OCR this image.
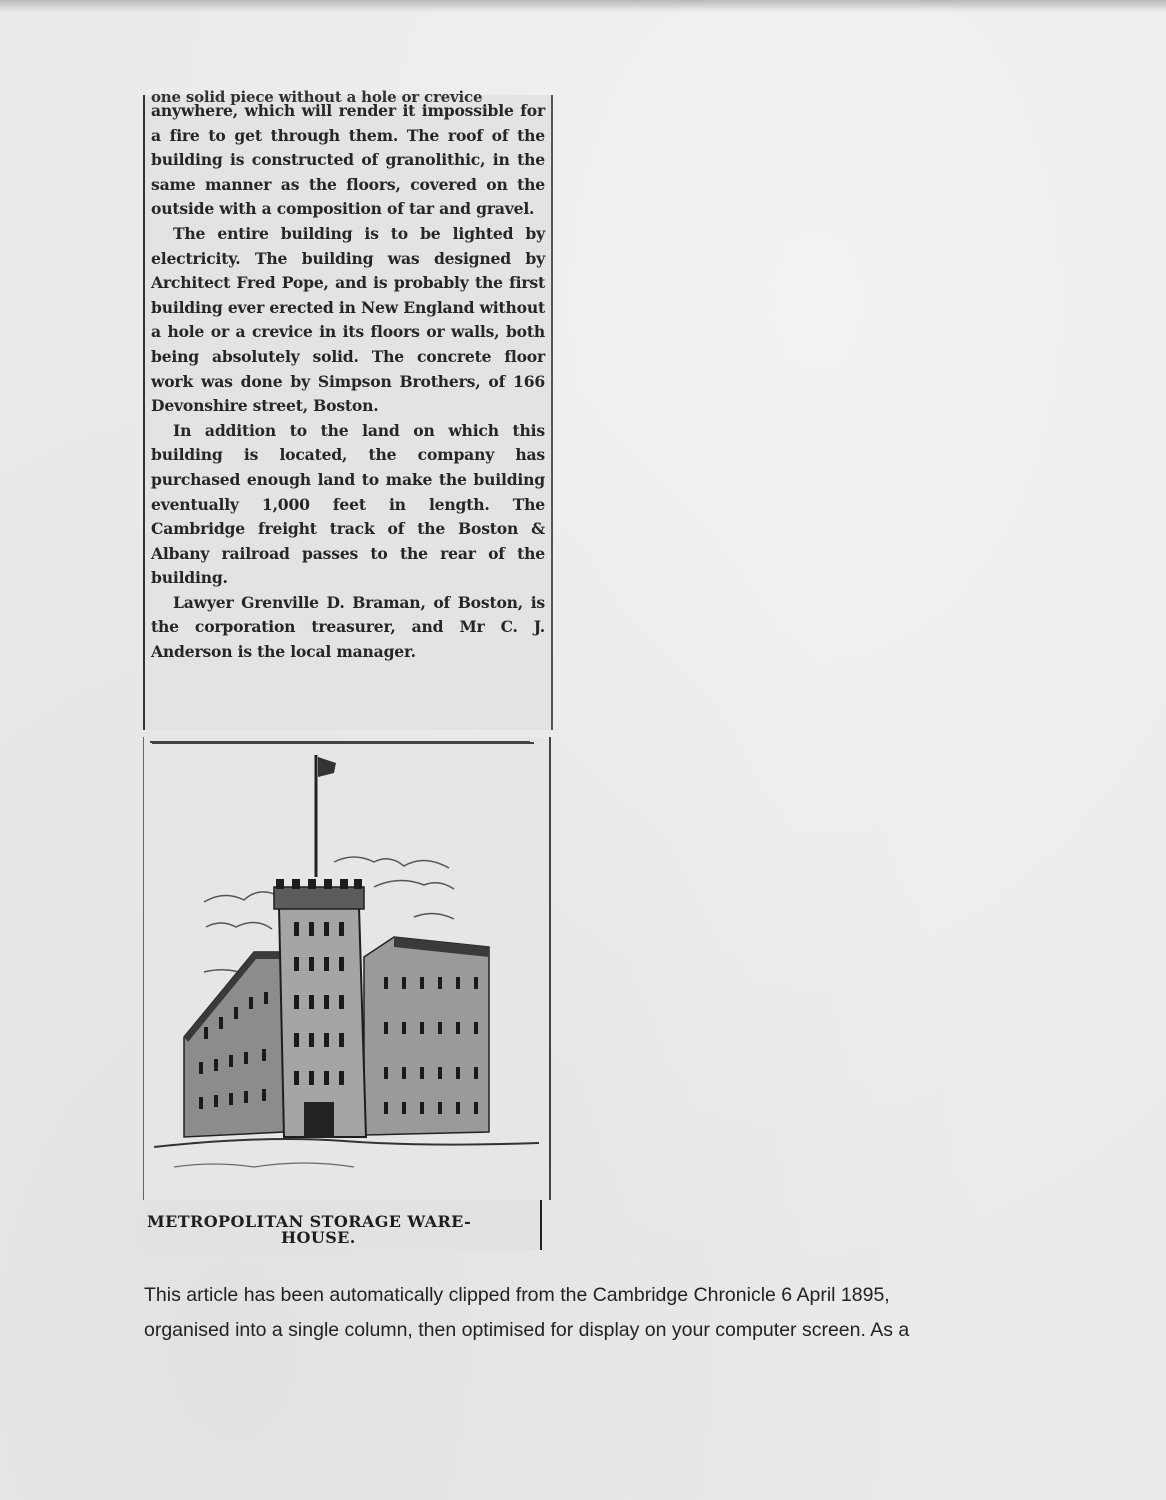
one solid piece without a hole or crevice

anywhere, which will render it impossible for a fire to get through them. The roof of the building is constructed of granolithic, in the same manner as the floors, covered on the outside with a composition of tar and gravel.

The entire building is to be lighted by electricity. The building was designed by Architect Fred Pope, and is probably the first building ever erected in New England without a hole or a crevice in its floors or walls, both being absolutely solid. The concrete floor work was done by Simpson Brothers, of 166 Devonshire street, Boston.

In addition to the land on which this building is located, the company has purchased enough land to make the building eventually 1,000 feet in length. The Cambridge freight track of the Boston & Albany railroad passes to the rear of the building.

Lawyer Grenville D. Braman, of Boston, is the corporation treasurer, and Mr C. J. Anderson is the local manager.

METROPOLITAN STORAGE WARE-
HOUSE.
This article has been automatically clipped from the Cambridge Chronicle 6 April 1895,
organised into a single column, then optimised for display on your computer screen. As a
